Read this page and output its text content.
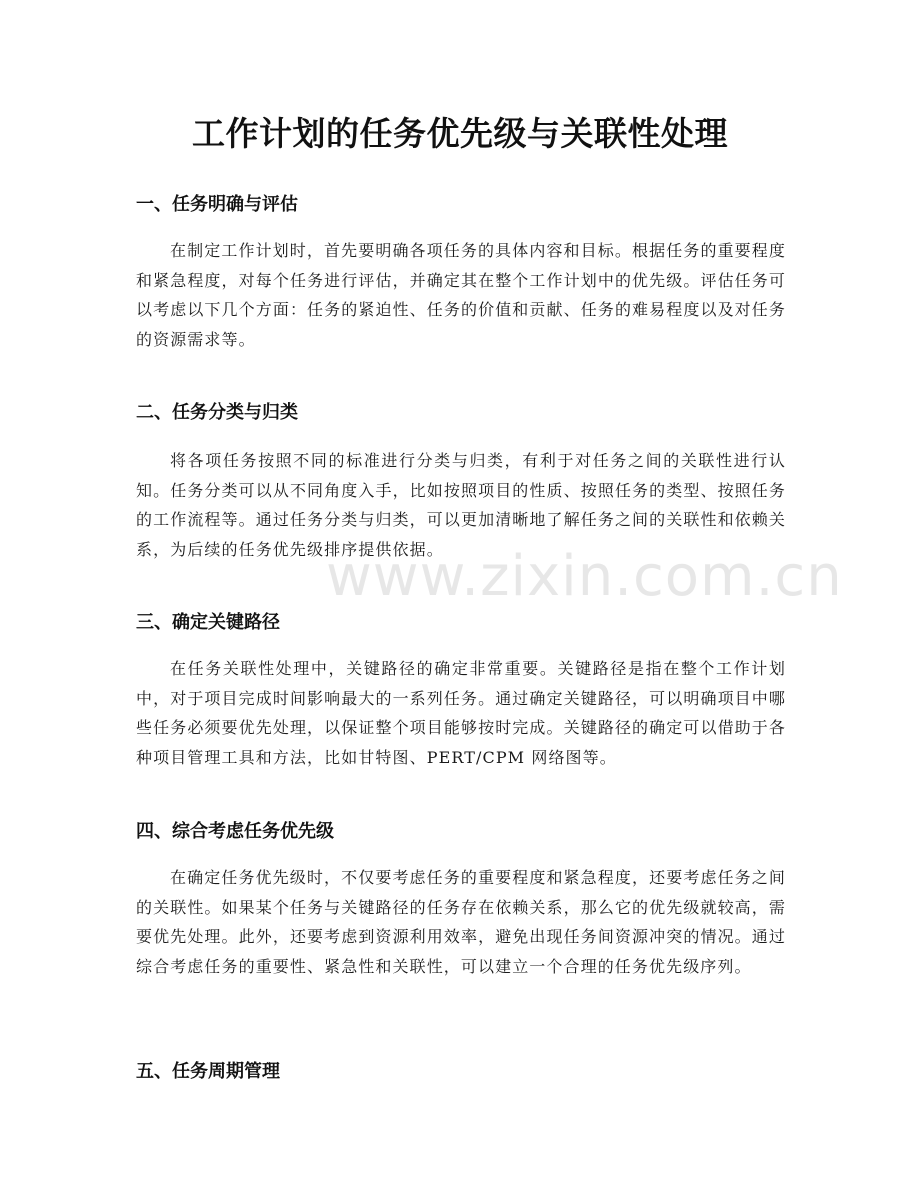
工作计划的任务优先级与关联性处理
一、任务明确与评估

在制定工作计划时，首先要明确各项任务的具体内容和目标。根据任务的重要程度和紧急程度，对每个任务进行评估，并确定其在整个工作计划中的优先级。评估任务可以考虑以下几个方面：任务的紧迫性、任务的价值和贡献、任务的难易程度以及对任务的资源需求等。

二、任务分类与归类

将各项任务按照不同的标准进行分类与归类，有利于对任务之间的关联性进行认知。任务分类可以从不同角度入手，比如按照项目的性质、按照任务的类型、按照任务的工作流程等。通过任务分类与归类，可以更加清晰地了解任务之间的关联性和依赖关系，为后续的任务优先级排序提供依据。

三、确定关键路径

在任务关联性处理中，关键路径的确定非常重要。关键路径是指在整个工作计划中，对于项目完成时间影响最大的一系列任务。通过确定关键路径，可以明确项目中哪些任务必须要优先处理，以保证整个项目能够按时完成。关键路径的确定可以借助于各种项目管理工具和方法，比如甘特图、PERT/CPM 网络图等。

四、综合考虑任务优先级

在确定任务优先级时，不仅要考虑任务的重要程度和紧急程度，还要考虑任务之间的关联性。如果某个任务与关键路径的任务存在依赖关系，那么它的优先级就较高，需要优先处理。此外，还要考虑到资源利用效率，避免出现任务间资源冲突的情况。通过综合考虑任务的重要性、紧急性和关联性，可以建立一个合理的任务优先级序列。

五、任务周期管理
www.zixin.com.cn
